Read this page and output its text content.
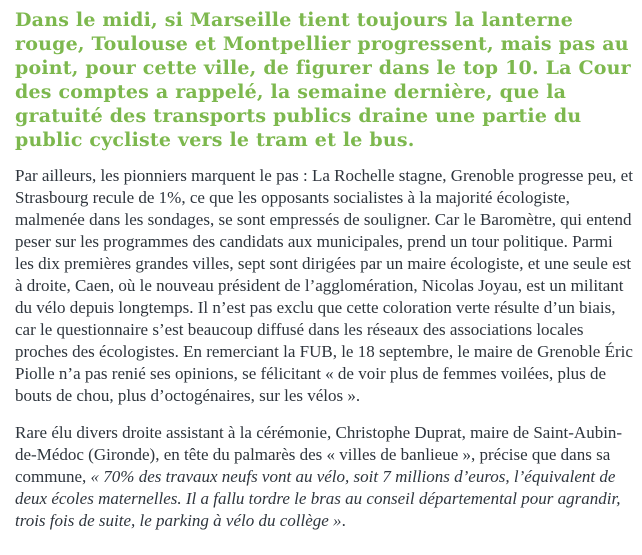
Dans le midi, si Marseille tient toujours la lanterne rouge, Toulouse et Montpellier progressent, mais pas au point, pour cette ville, de figurer dans le top 10. La Cour des comptes a rappelé, la semaine dernière, que la gratuité des transports publics draine une partie du public cycliste vers le tram et le bus.

Par ailleurs, les pionniers marquent le pas : La Rochelle stagne, Grenoble progresse peu, et Strasbourg recule de 1%, ce que les opposants socialistes à la majorité écologiste, malmenée dans les sondages, se sont empressés de souligner. Car le Baromètre, qui entend peser sur les programmes des candidats aux municipales, prend un tour politique. Parmi les dix premières grandes villes, sept sont dirigées par un maire écologiste, et une seule est à droite, Caen, où le nouveau président de l’agglomération, Nicolas Joyau, est un militant du vélo depuis longtemps. Il n’est pas exclu que cette coloration verte résulte d’un biais, car le questionnaire s’est beaucoup diffusé dans les réseaux des associations locales proches des écologistes. En remerciant la FUB, le 18 septembre, le maire de Grenoble Éric Piolle n’a pas renié ses opinions, se félicitant « de voir plus de femmes voilées, plus de bouts de chou, plus d’octogénaires, sur les vélos ».

Rare élu divers droite assistant à la cérémonie, Christophe Duprat, maire de Saint-Aubin-de-Médoc (Gironde), en tête du palmarès des « villes de banlieue », précise que dans sa commune, « 70% des travaux neufs vont au vélo, soit 7 millions d’euros, l’équivalent de deux écoles maternelles. Il a fallu tordre le bras au conseil départemental pour agrandir, trois fois de suite, le parking à vélo du collège ».
